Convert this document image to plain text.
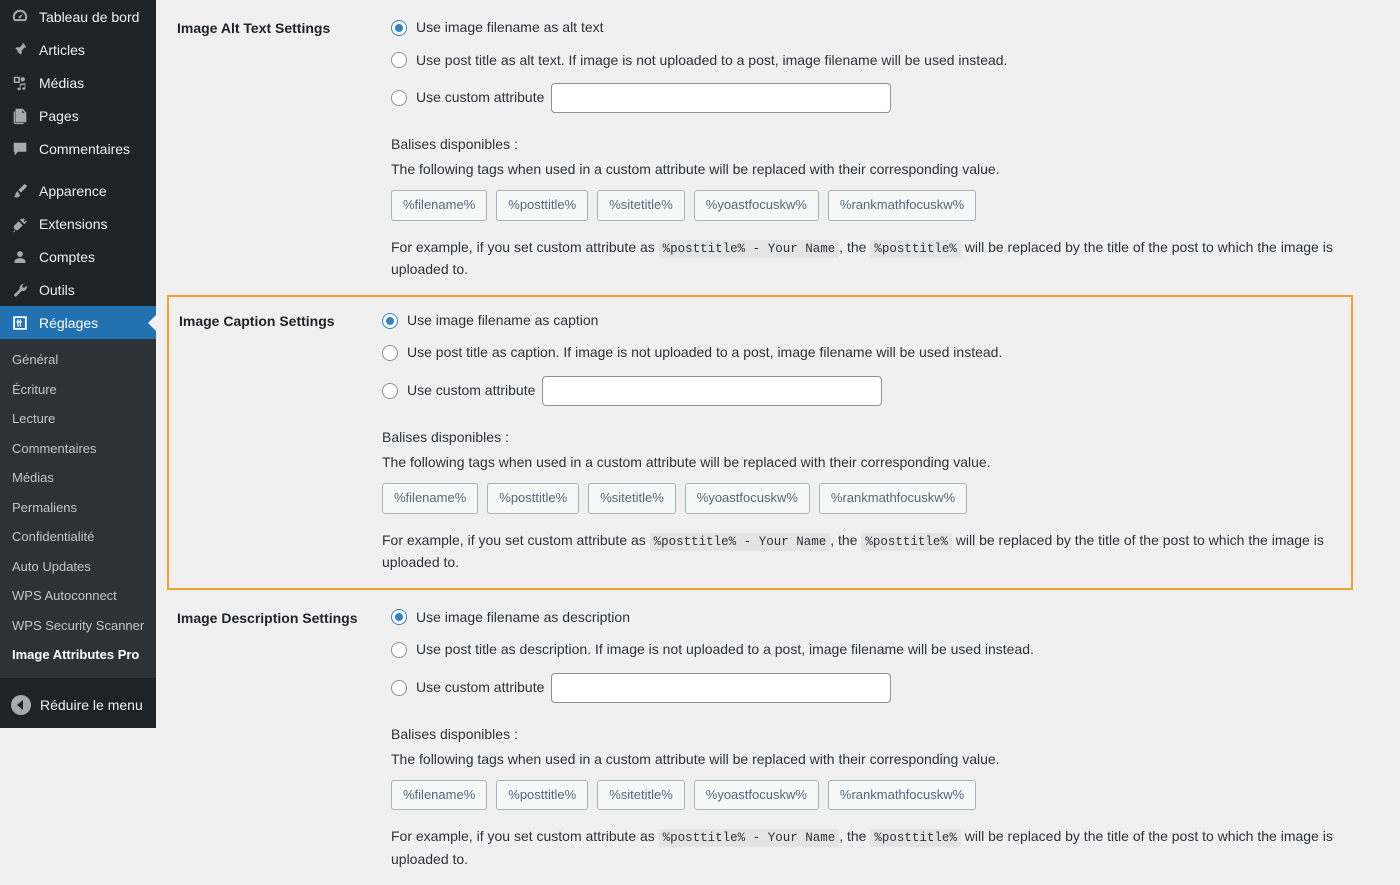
Tableau de bord
Articles
Médias
Pages
Commentaires
Apparence
Extensions
Comptes
Outils
Réglages
Général
Écriture
Lecture
Commentaires
Médias
Permaliens
Confidentialité
Auto Updates
WPS Autoconnect
WPS Security Scanner
Image Attributes Pro
Réduire le menu
Image Alt Text Settings	Use image filename as alt text
Use post title as alt text. If image is not uploaded to a post, image filename will be used instead.
Use custom attribute
Balises disponibles :
The following tags when used in a custom attribute will be replaced with their corresponding value.
%filename%	%posttitle%	%sitetitle%	%yoastfocuskw%	%rankmathfocuskw%
For example, if you set custom attribute as %posttitle% - Your Name , the %posttitle% will be replaced by the title of the post to which the image is uploaded to.
Image Caption Settings	Use image filename as caption
Use post title as caption. If image is not uploaded to a post, image filename will be used instead.
Use custom attribute
Balises disponibles :
The following tags when used in a custom attribute will be replaced with their corresponding value.
%filename%	%posttitle%	%sitetitle%	%yoastfocuskw%	%rankmathfocuskw%
For example, if you set custom attribute as %posttitle% - Your Name , the %posttitle% will be replaced by the title of the post to which the image is uploaded to.
Image Description Settings	Use image filename as description
Use post title as description. If image is not uploaded to a post, image filename will be used instead.
Use custom attribute
Balises disponibles :
The following tags when used in a custom attribute will be replaced with their corresponding value.
%filename%	%posttitle%	%sitetitle%	%yoastfocuskw%	%rankmathfocuskw%
For example, if you set custom attribute as %posttitle% - Your Name , the %posttitle% will be replaced by the title of the post to which the image is uploaded to.
